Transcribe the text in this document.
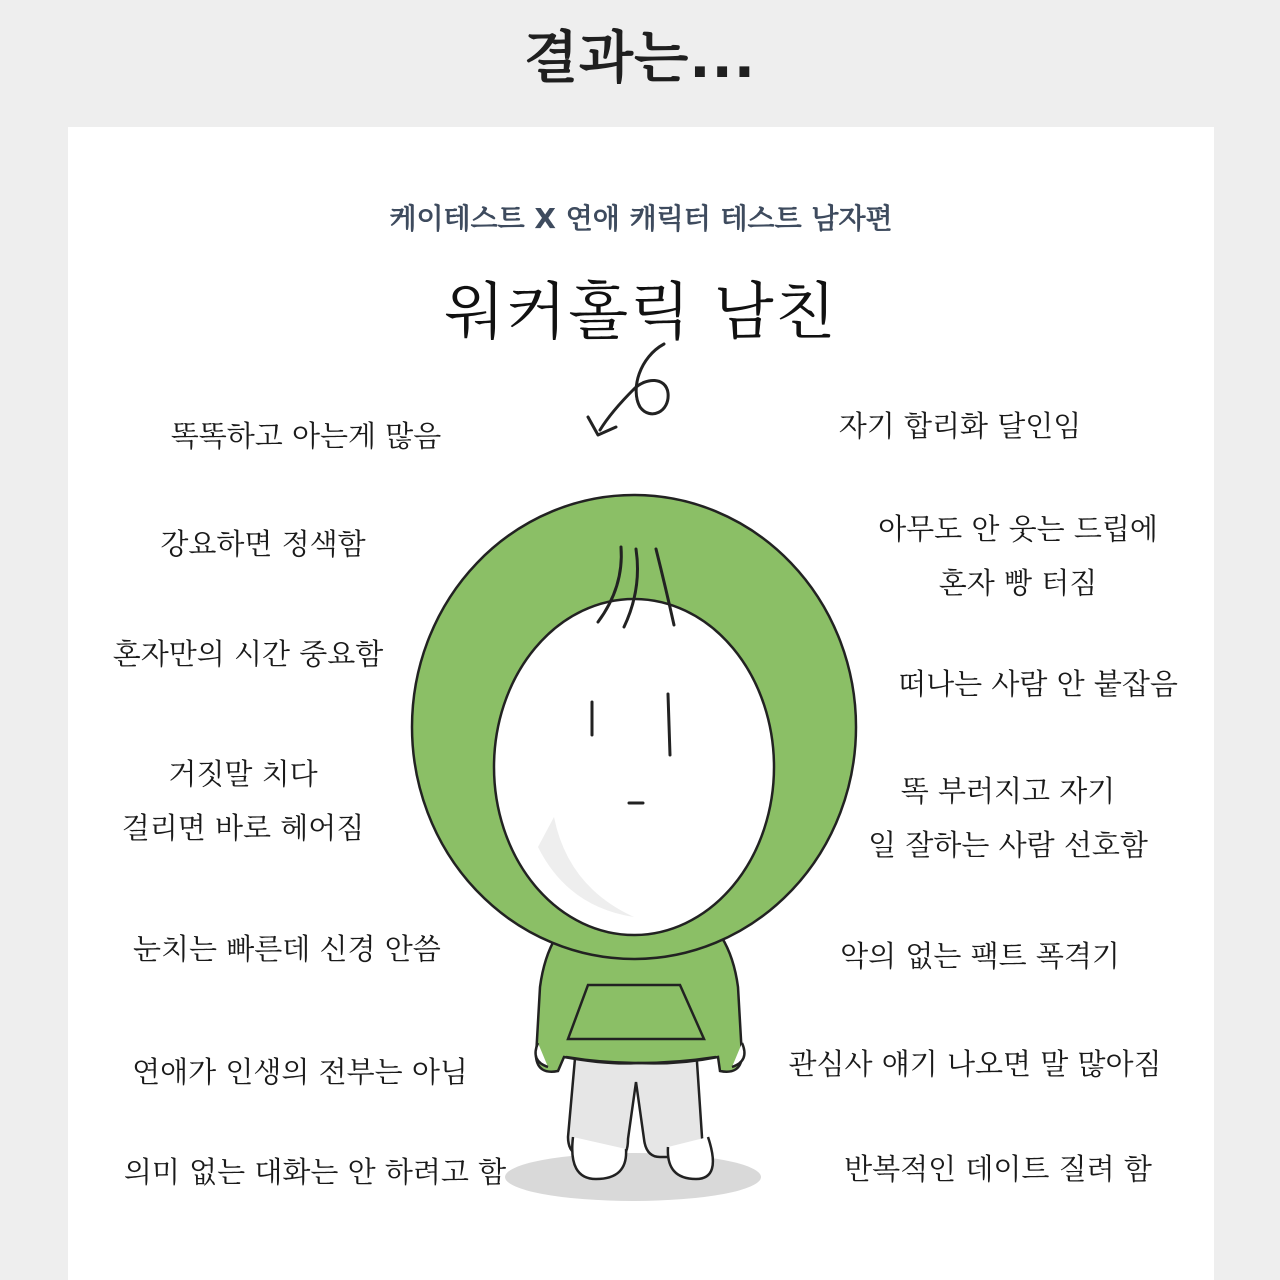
결과는...
케이테스트 X 연애 캐릭터 테스트 남자편
워커홀릭 남친
똑똑하고 아는게 많음
강요하면 정색함
혼자만의 시간 중요함
거짓말 치다
걸리면 바로 헤어짐
눈치는 빠른데 신경 안씀
연애가 인생의 전부는 아님
의미 없는 대화는 안 하려고 함
자기 합리화 달인임
아무도 안 웃는 드립에
혼자 빵 터짐
떠나는 사람 안 붙잡음
똑 부러지고 자기
일 잘하는 사람 선호함
악의 없는 팩트 폭격기
관심사 얘기 나오면 말 많아짐
반복적인 데이트 질려 함
